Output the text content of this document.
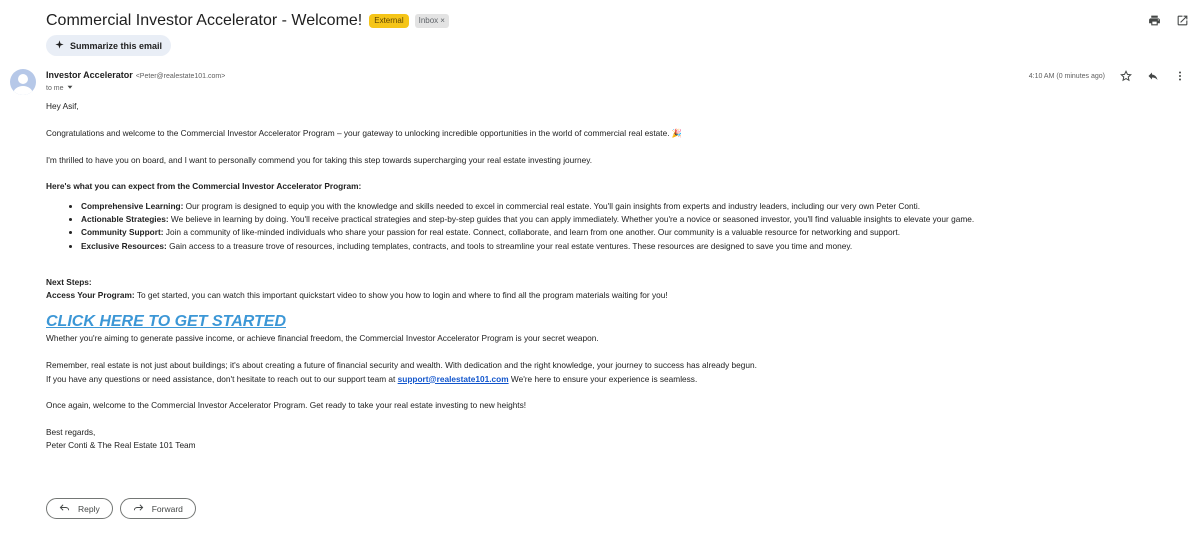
Commercial Investor Accelerator - Welcome!	External	Inbox ×
Summarize this email
Investor Accelerator <Peter@realestate101.com>
to me
4:10 AM (0 minutes ago)

Hey Asif,

Congratulations and welcome to the Commercial Investor Accelerator Program – your gateway to unlocking incredible opportunities in the world of commercial real estate. 🎉

I'm thrilled to have you on board, and I want to personally commend you for taking this step towards supercharging your real estate investing journey.

Here's what you can expect from the Commercial Investor Accelerator Program:

• Comprehensive Learning: Our program is designed to equip you with the knowledge and skills needed to excel in commercial real estate. You'll gain insights from experts and industry leaders, including our very own Peter Conti.
• Actionable Strategies: We believe in learning by doing. You'll receive practical strategies and step-by-step guides that you can apply immediately. Whether you're a novice or seasoned investor, you'll find valuable insights to elevate your game.
• Community Support: Join a community of like-minded individuals who share your passion for real estate. Connect, collaborate, and learn from one another. Our community is a valuable resource for networking and support.
• Exclusive Resources: Gain access to a treasure trove of resources, including templates, contracts, and tools to streamline your real estate ventures. These resources are designed to save you time and money.

Next Steps:

Access Your Program: To get started, you can watch this important quickstart video to show you how to login and where to find all the program materials waiting for you!

CLICK HERE TO GET STARTED

Whether you're aiming to generate passive income, or achieve financial freedom, the Commercial Investor Accelerator Program is your secret weapon.

Remember, real estate is not just about buildings; it's about creating a future of financial security and wealth. With dedication and the right knowledge, your journey to success has already begun.

If you have any questions or need assistance, don't hesitate to reach out to our support team at support@realestate101.com We're here to ensure your experience is seamless.

Once again, welcome to the Commercial Investor Accelerator Program. Get ready to take your real estate investing to new heights!

Best regards,

Peter Conti & The Real Estate 101 Team

Reply	Forward
